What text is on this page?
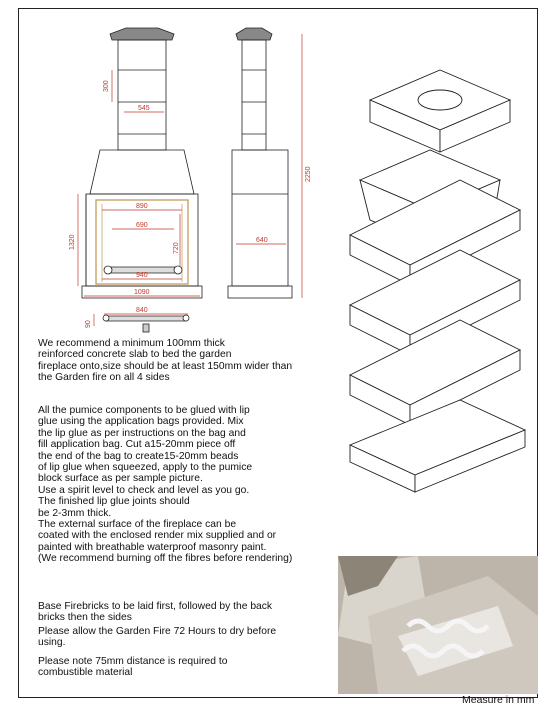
300
545
1320
890
690
720
940
1090
840
90
2250
640
We recommend a minimum 100mm thick
reinforced concrete slab to bed the garden
fireplace onto,size should be at least 150mm wider than
the Garden fire on all 4 sides
All the pumice components to be glued with lip
glue using the application bags provided. Mix
the lip glue as per instructions on the bag and
fill application bag. Cut a15-20mm piece off
the end of the bag to create15-20mm beads
of lip glue when squeezed, apply to the pumice
block surface as per sample picture.
Use a spirit level to check and level as you go.
The finished lip glue joints should
be 2-3mm thick.
The external surface of the fireplace can be
coated with the enclosed render mix supplied and or
painted with breathable waterproof masonry paint.
(We recommend burning off the fibres before rendering)
Base Firebricks to be laid first, followed by the back
bricks then the sides
Please allow the Garden Fire 72 Hours to dry before
using.
Please note 75mm distance is required to
combustible material
Measure in mm
